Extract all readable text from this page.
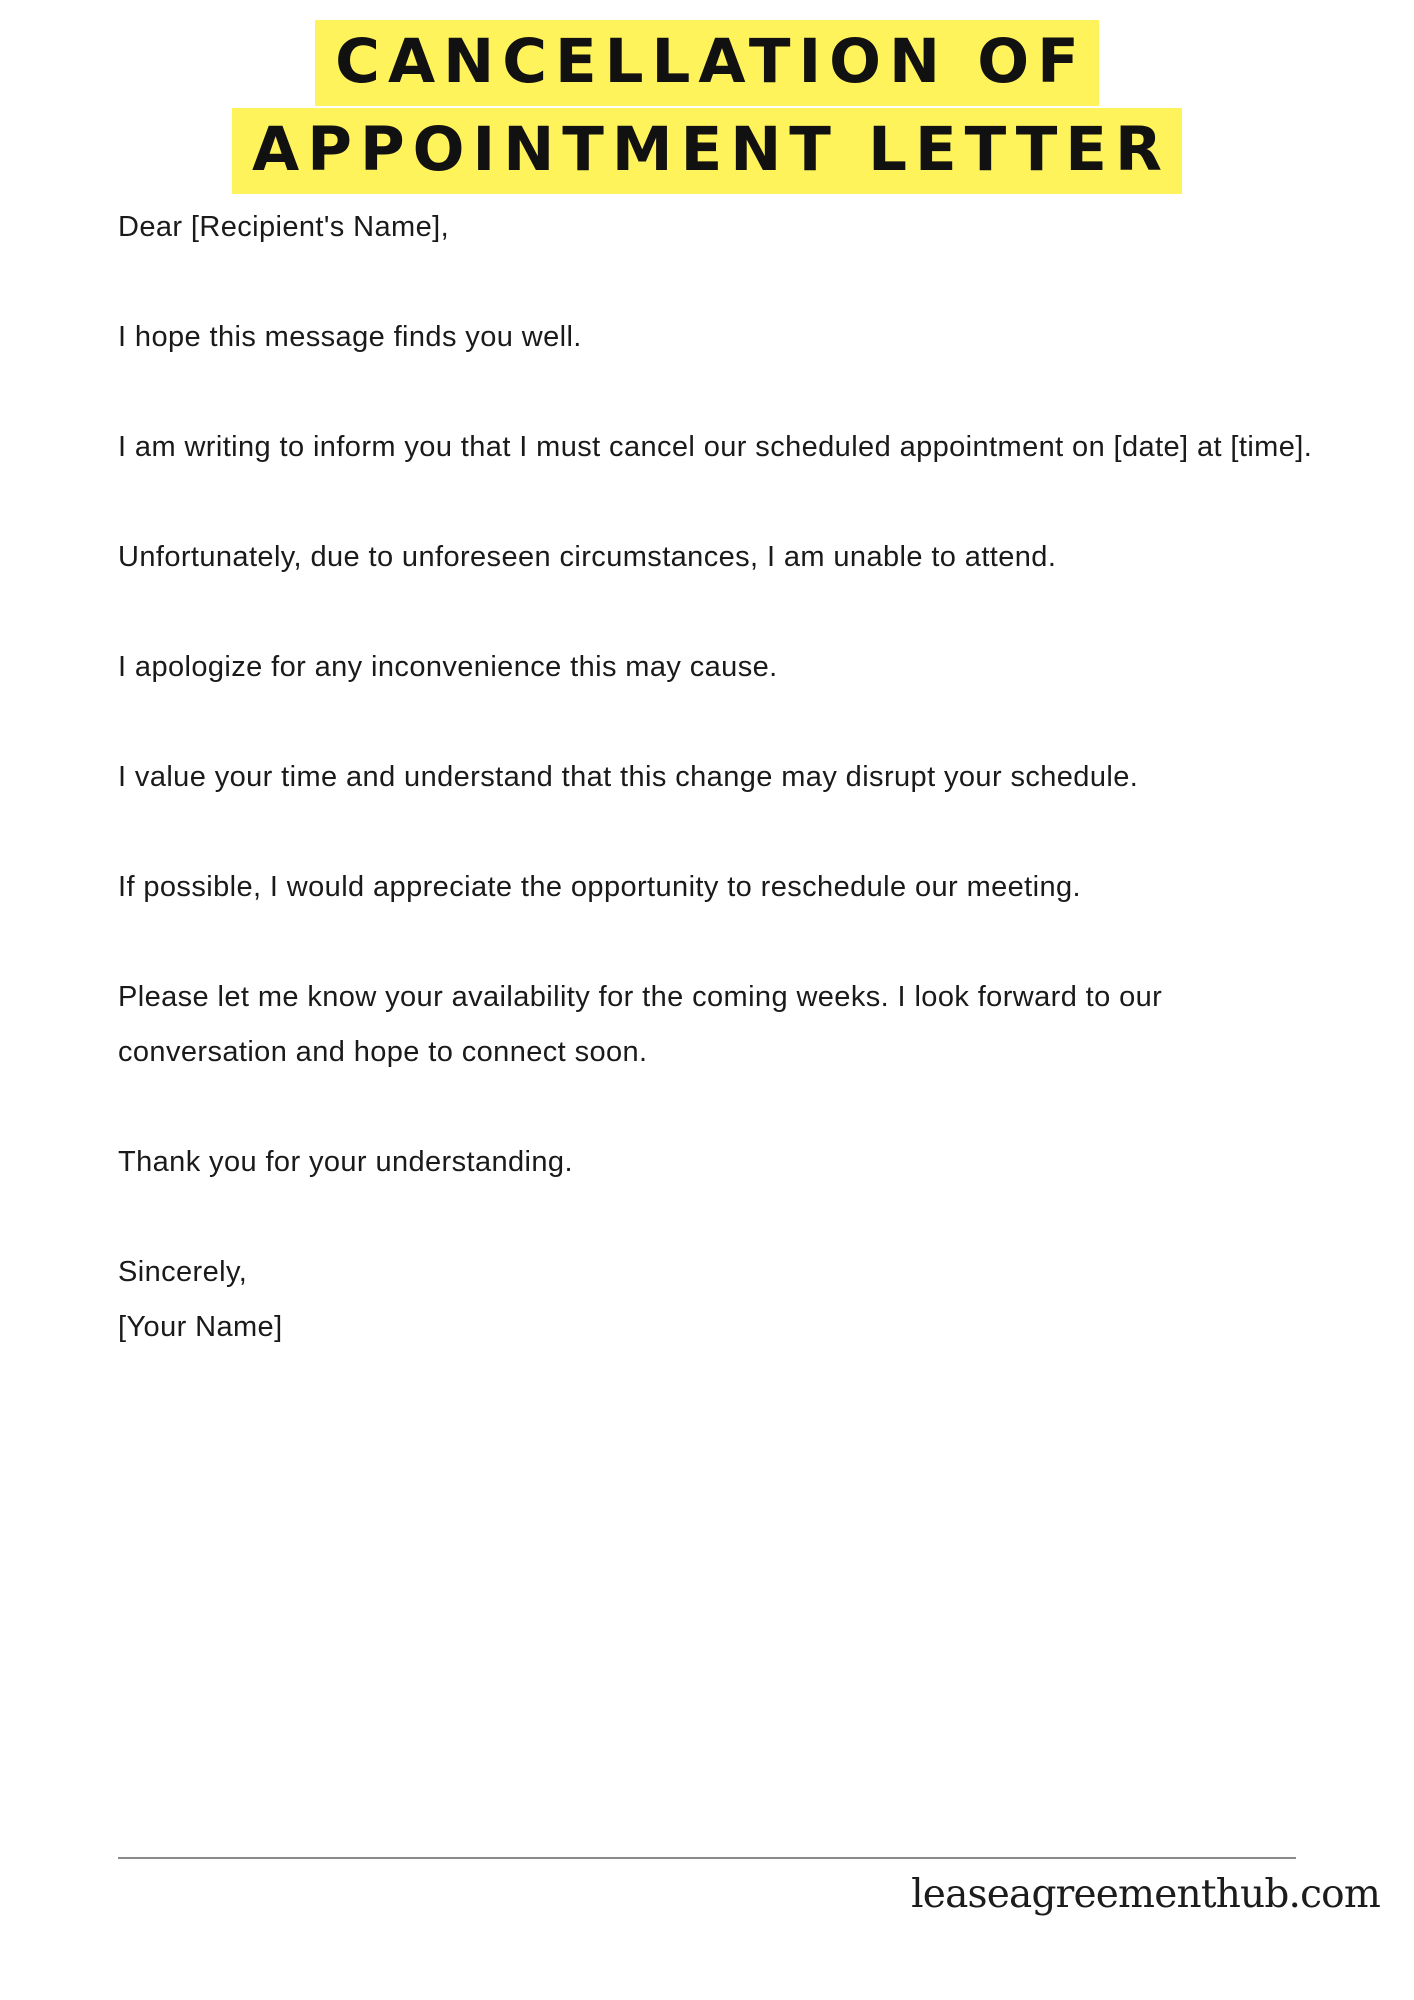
CANCELLATION OF
APPOINTMENT LETTER

Dear [Recipient's Name],

I hope this message finds you well.

I am writing to inform you that I must cancel our scheduled appointment on [date] at [time].

Unfortunately, due to unforeseen circumstances, I am unable to attend.

I apologize for any inconvenience this may cause.

I value your time and understand that this change may disrupt your schedule.

If possible, I would appreciate the opportunity to reschedule our meeting.

Please let me know your availability for the coming weeks. I look forward to our conversation and hope to connect soon.

Thank you for your understanding.

Sincerely,
[Your Name]
leaseagreementhub.com
